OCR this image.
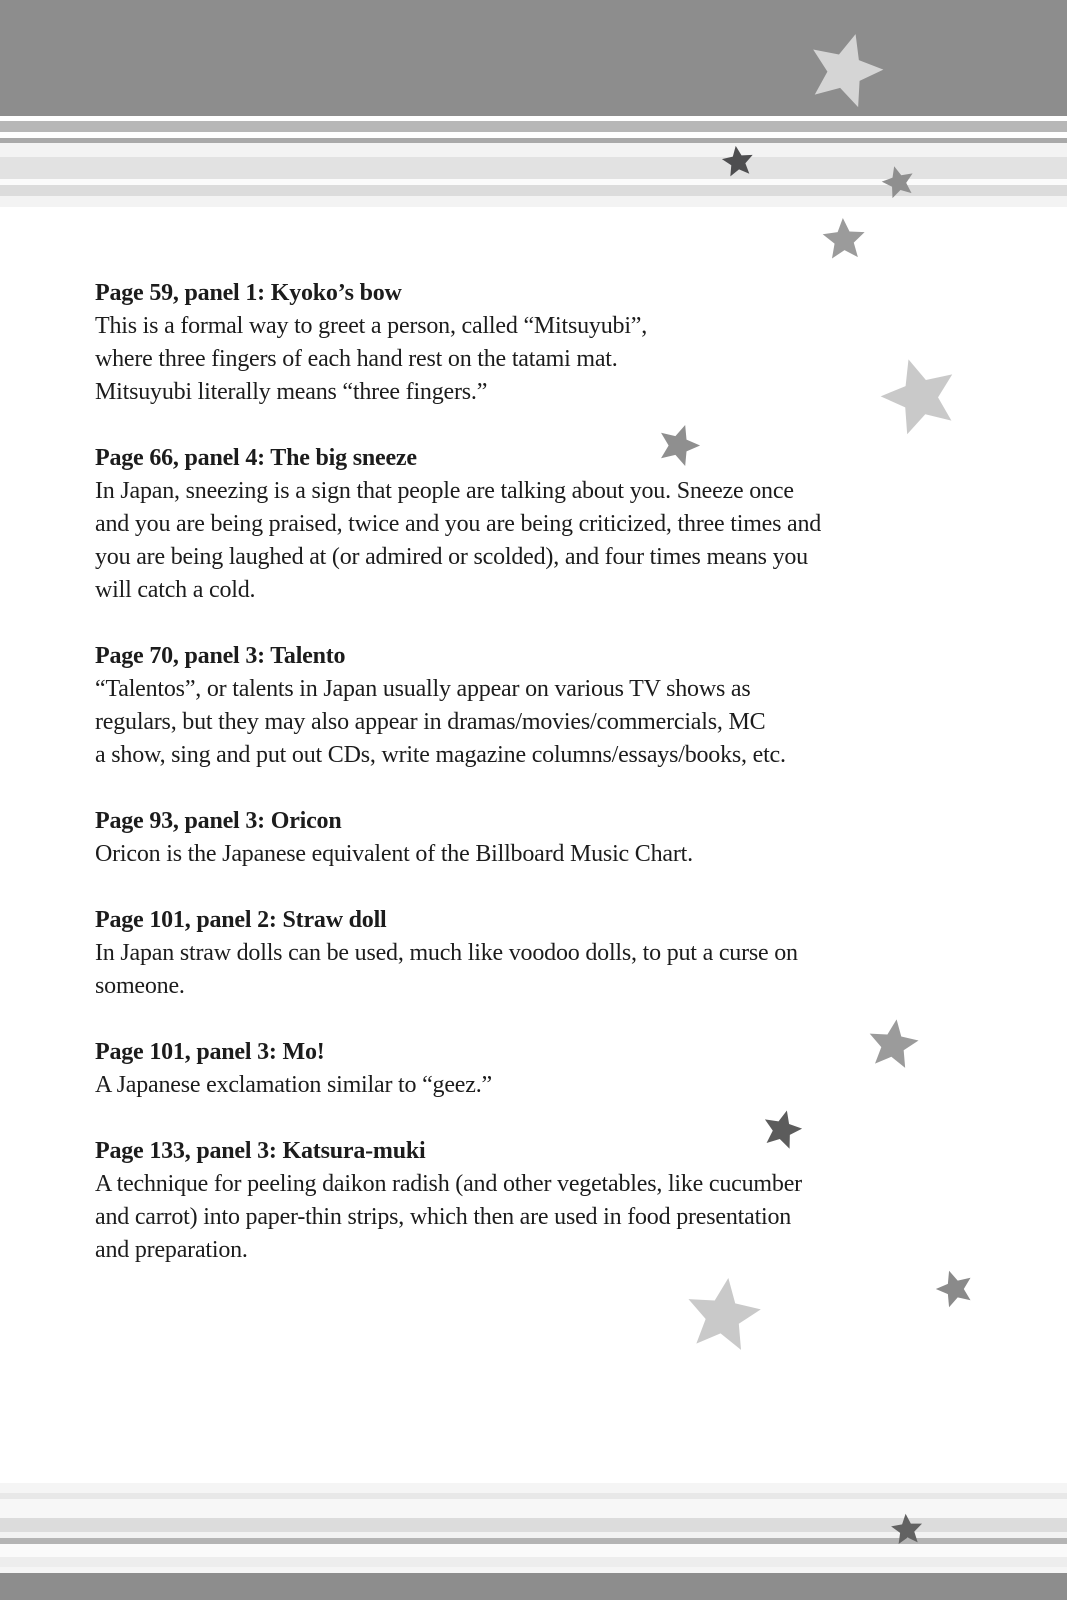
Page 59, panel 1: Kyoko’s bow
This is a formal way to greet a person, called “Mitsuyubi”,
where three fingers of each hand rest on the tatami mat.
Mitsuyubi literally means “three fingers.”
Page 66, panel 4: The big sneeze
In Japan, sneezing is a sign that people are talking about you. Sneeze once
and you are being praised, twice and you are being criticized, three times and
you are being laughed at (or admired or scolded), and four times means you
will catch a cold.
Page 70, panel 3: Talento
“Talentos”, or talents in Japan usually appear on various TV shows as
regulars, but they may also appear in dramas/movies/commercials, MC
a show, sing and put out CDs, write magazine columns/essays/books, etc.
Page 93, panel 3: Oricon
Oricon is the Japanese equivalent of the Billboard Music Chart.
Page 101, panel 2: Straw doll
In Japan straw dolls can be used, much like voodoo dolls, to put a curse on
someone.
Page 101, panel 3: Mo!
A Japanese exclamation similar to “geez.”
Page 133, panel 3: Katsura-muki
A technique for peeling daikon radish (and other vegetables, like cucumber
and carrot) into paper-thin strips, which then are used in food presentation
and preparation.
